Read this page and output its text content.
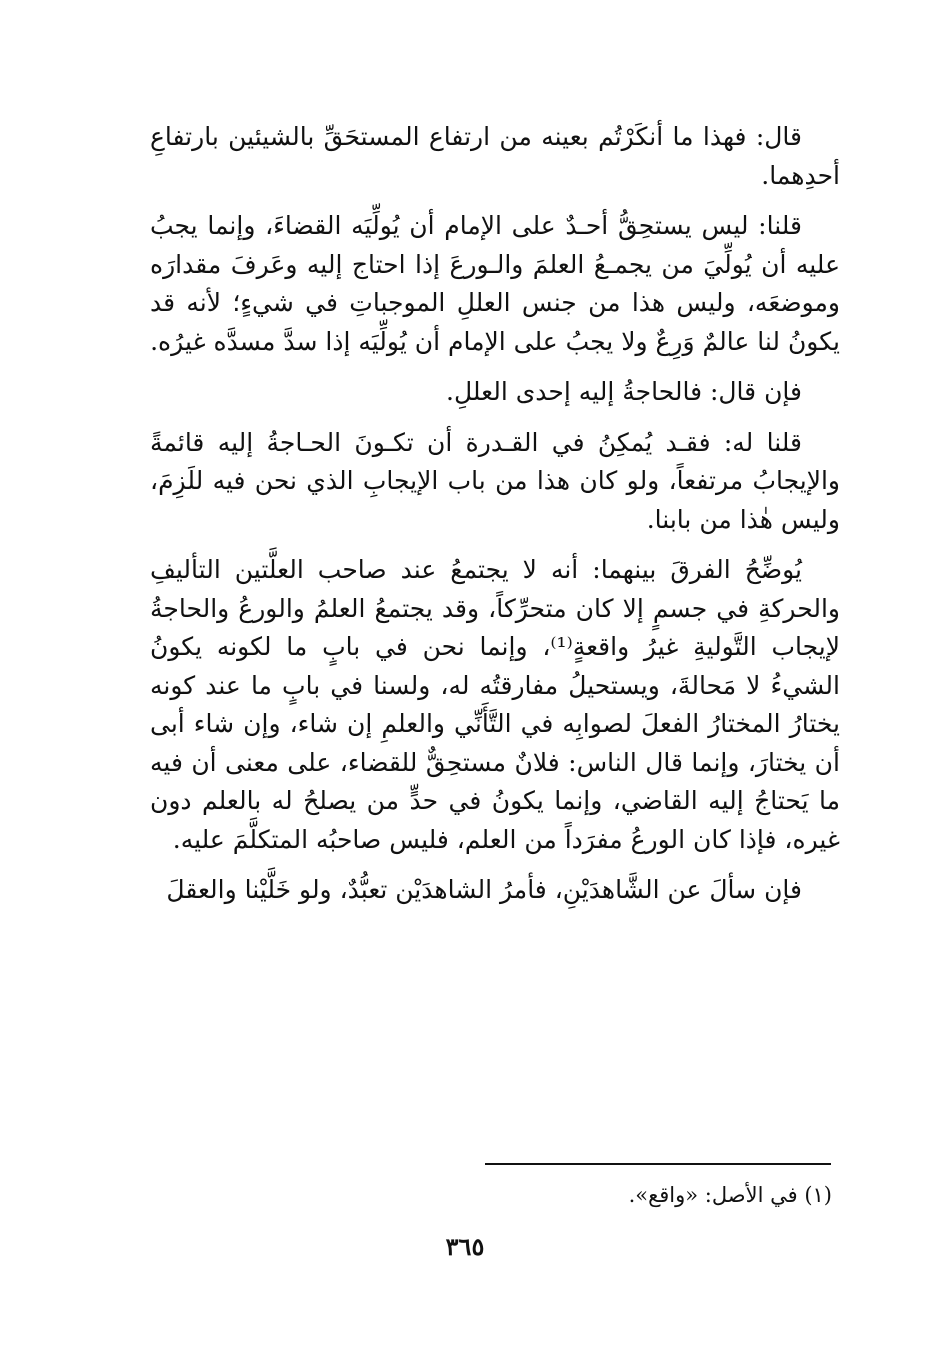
قال: فهذا ما أنكَرْتُم بعينه من ارتفاع المستحَقِّ بالشيئين بارتفاعِ أحدِهما.

قلنا: ليس يستحِقُّ أحـدٌ على الإمام أن يُولِّيَه القضاءَ، وإنما يجبُ عليه أن يُولِّيَ من يجمـعُ العلمَ والـورعَ إذا احتاج إليه وعَرفَ مقدارَه وموضعَه، وليس هذا من جنس العللِ الموجباتِ في شيءٍ؛ لأنه قد يكونُ لنا عالمٌ وَرِعٌ ولا يجبُ على الإمام أن يُولِّيَه إذا سدَّ مسدَّه غيرُه.

فإن قال: فالحاجةُ إليه إحدى العللِ.

قلنا له: فقـد يُمكِنُ في القـدرة أن تكـونَ الحـاجةُ إليه قائمةً والإيجابُ مرتفعاً، ولو كان هذا من باب الإيجابِ الذي نحن فيه للَزِمَ، وليس هٰذا من بابنا.

يُوضِّحُ الفرقَ بينهما: أنه لا يجتمعُ عند صاحب العلَّتين التأليفِ والحركةِ في جسمٍ إلا كان متحرِّكاً، وقد يجتمعُ العلمُ والورعُ والحاجةُ لإيجاب التَّوليةِ غيرُ واقعةٍ⁽¹⁾، وإنما نحن في بابٍ ما لكونه يكونُ الشيءُ لا مَحالةَ، ويستحيلُ مفارقتُه له، ولسنا في بابٍ ما عند كونه يختارُ المختارُ الفعلَ لصوابِه في التَّأَنِّي والعلمِ إن شاء، وإن شاء أبى أن يختارَ، وإنما قال الناس: فلانٌ مستحِقٌّ للقضاء، على معنى أن فيه ما يَحتاجُ إليه القاضي، وإنما يكونُ في حدٍّ من يصلحُ له بالعلم دون غيره، فإذا كان الورعُ مفرَداً من العلم، فليس صاحبُه المتكلَّمَ عليه.

فإن سألَ عن الشَّاهدَيْنِ، فأمرُ الشاهدَيْن تعبُّدٌ، ولو خَلَّيْنا والعقلَ

(١) في الأصل: «واقع».
٣٦٥
